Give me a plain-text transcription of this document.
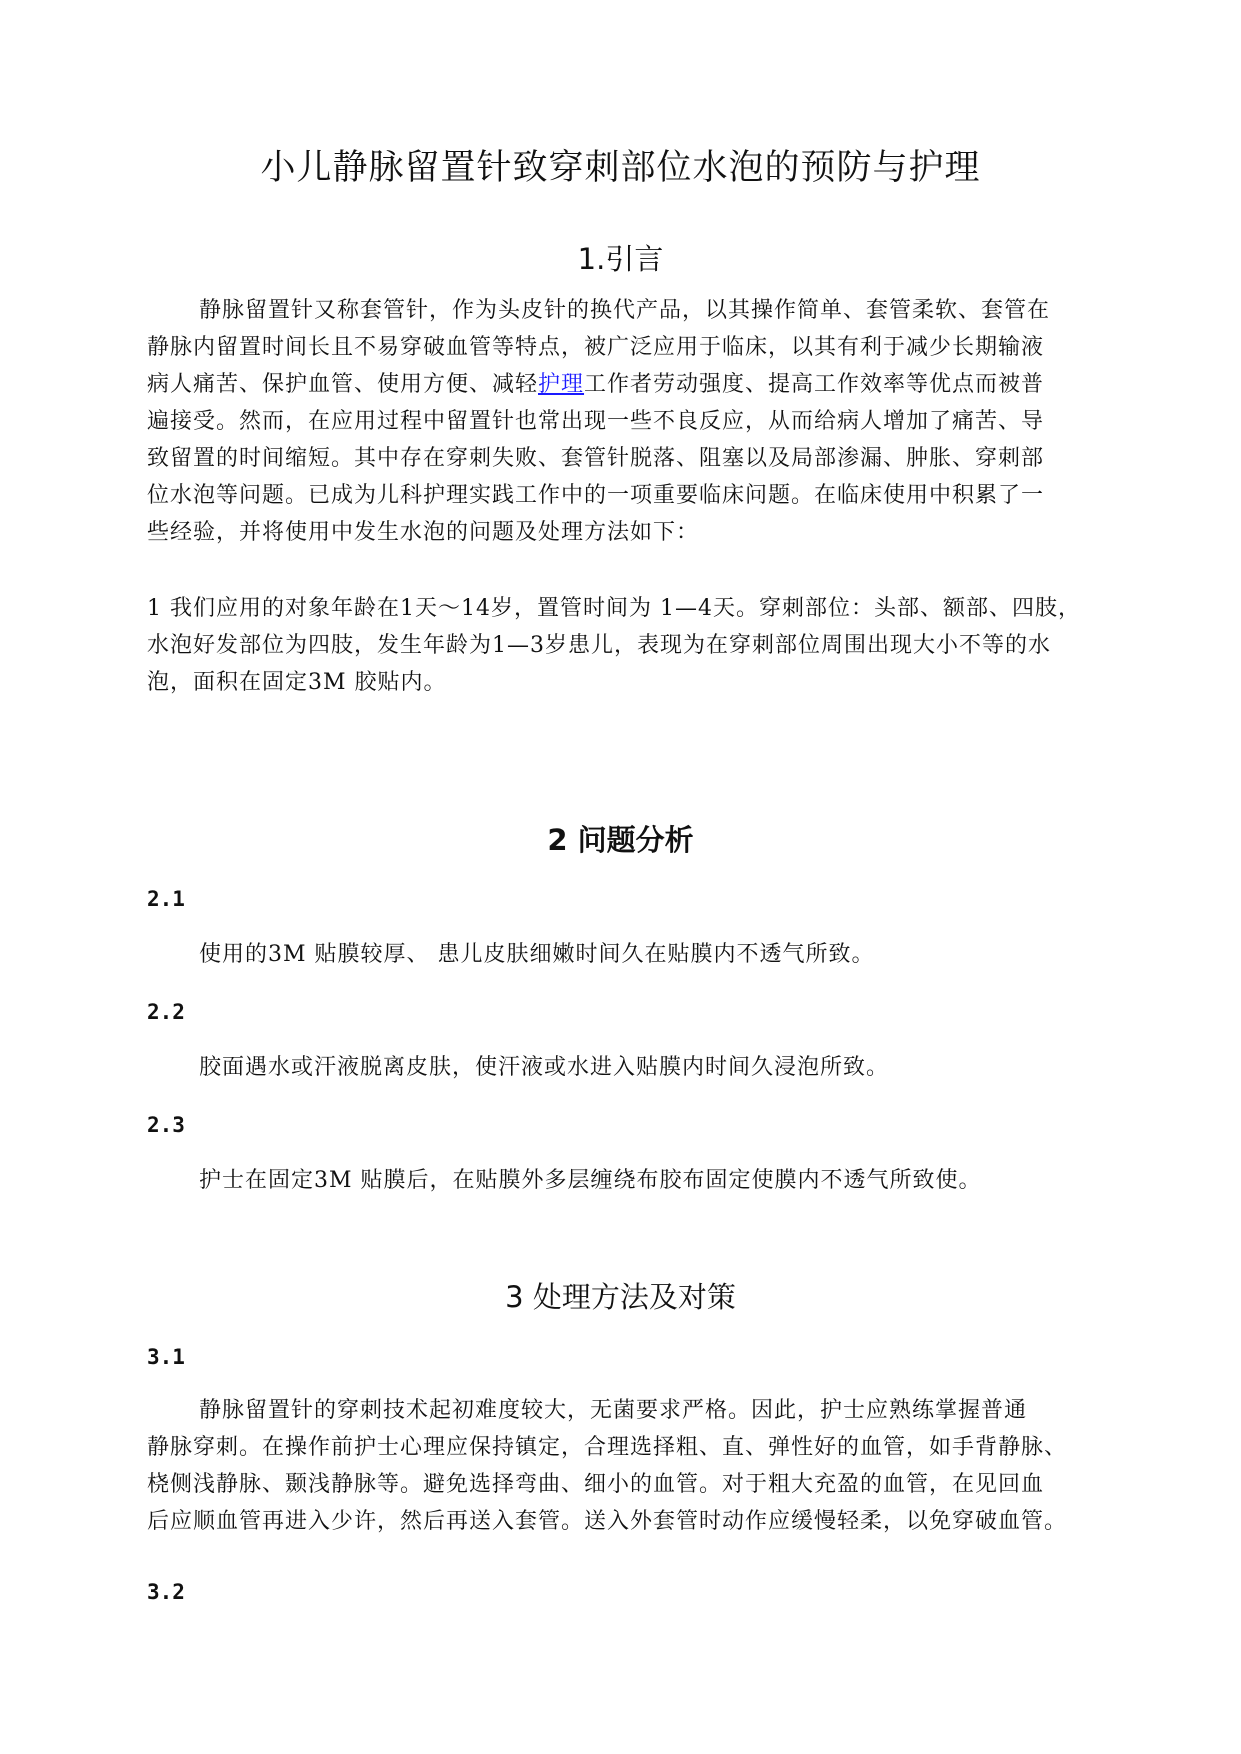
小儿静脉留置针致穿刺部位水泡的预防与护理
1.引言
静脉留置针又称套管针，作为头皮针的换代产品，以其操作简单、套管柔软、套管在
静脉内留置时间长且不易穿破血管等特点，被广泛应用于临床，以其有利于减少长期输液
病人痛苦、保护血管、使用方便、减轻护理工作者劳动强度、提高工作效率等优点而被普
遍接受。然而，在应用过程中留置针也常出现一些不良反应，从而给病人增加了痛苦、导
致留置的时间缩短。其中存在穿刺失败、套管针脱落、阻塞以及局部渗漏、肿胀、穿刺部
位水泡等问题。已成为儿科护理实践工作中的一项重要临床问题。在临床使用中积累了一
些经验，并将使用中发生水泡的问题及处理方法如下：
1 我们应用的对象年龄在1天～14岁，置管时间为 1—4天。穿刺部位：头部、额部、四肢，
水泡好发部位为四肢，发生年龄为1—3岁患儿，表现为在穿刺部位周围出现大小不等的水
泡，面积在固定3M 胶贴内。
2 问题分析
2.1
使用的3M 贴膜较厚、 患儿皮肤细嫩时间久在贴膜内不透气所致。
2.2
胶面遇水或汗液脱离皮肤，使汗液或水进入贴膜内时间久浸泡所致。
2.3
护士在固定3M 贴膜后，在贴膜外多层缠绕布胶布固定使膜内不透气所致使。
3 处理方法及对策
3.1
静脉留置针的穿刺技术起初难度较大，无菌要求严格。因此，护士应熟练掌握普通
静脉穿刺。在操作前护士心理应保持镇定，合理选择粗、直、弹性好的血管，如手背静脉、
桡侧浅静脉、颞浅静脉等。避免选择弯曲、细小的血管。对于粗大充盈的血管，在见回血
后应顺血管再进入少许，然后再送入套管。送入外套管时动作应缓慢轻柔，以免穿破血管。
3.2
